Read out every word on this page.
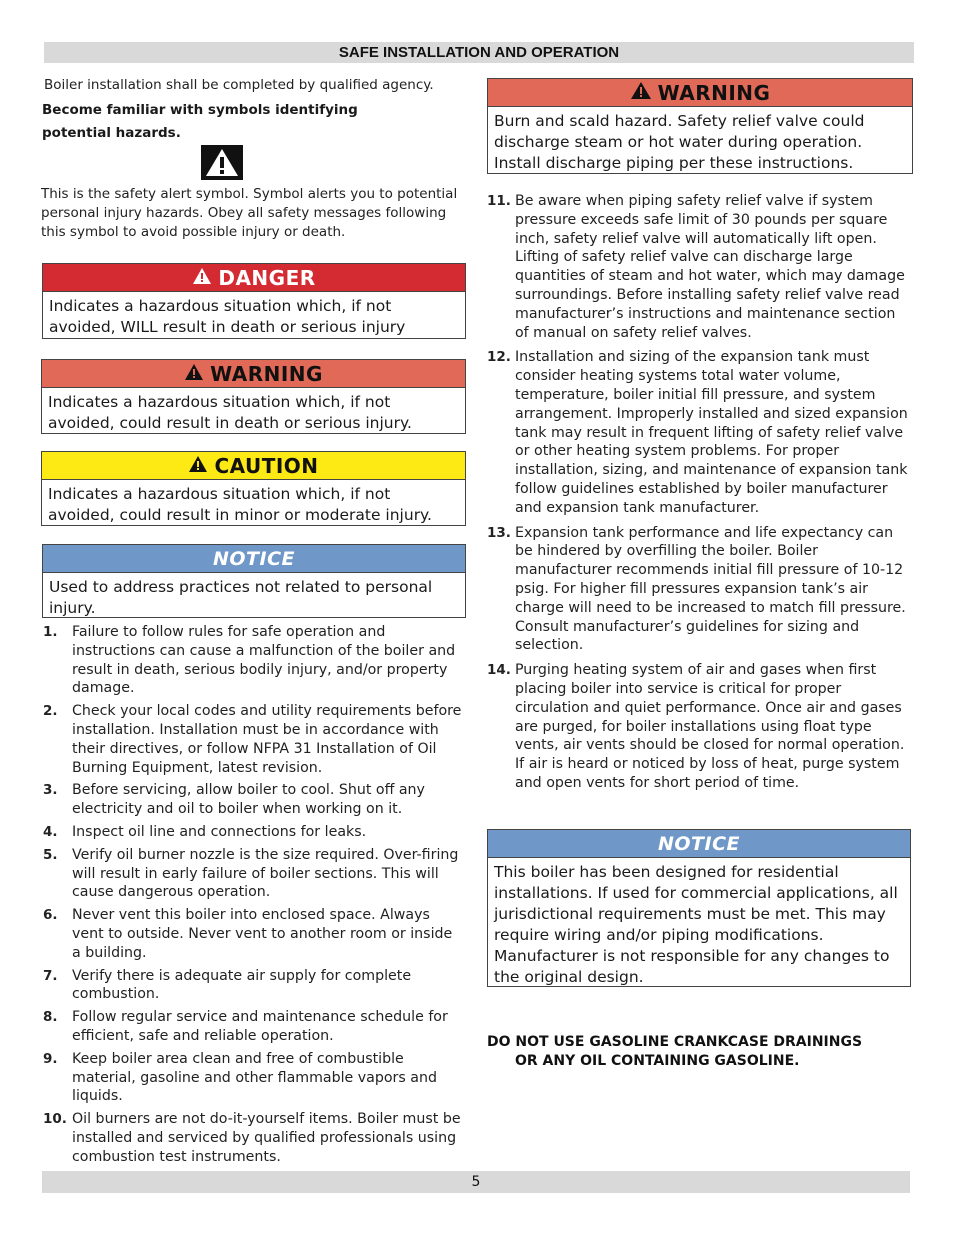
SAFE INSTALLATION AND OPERATION
Boiler installation shall be completed by qualified agency.
Become familiar with symbols identifying
potential hazards.
This is the safety alert symbol. Symbol alerts you to potential personal injury hazards. Obey all safety messages following this symbol to avoid possible injury or death.
DANGER
Indicates a hazardous situation which, if not avoided, WILL result in death or serious injury
WARNING
Indicates a hazardous situation which, if not avoided, could result in death or serious injury.
CAUTION
Indicates a hazardous situation which, if not avoided, could result in minor or moderate injury.
NOTICE
Used to address practices not related to personal injury.
1. Failure to follow rules for safe operation and instructions can cause a malfunction of the boiler and result in death, serious bodily injury, and/or property damage.
2. Check your local codes and utility requirements before installation. Installation must be in accordance with their directives, or follow NFPA 31 Installation of Oil Burning Equipment, latest revision.
3. Before servicing, allow boiler to cool. Shut off any electricity and oil to boiler when working on it.
4. Inspect oil line and connections for leaks.
5. Verify oil burner nozzle is the size required. Over-firing will result in early failure of boiler sections. This will cause dangerous operation.
6. Never vent this boiler into enclosed space. Always vent to outside. Never vent to another room or inside a building.
7. Verify there is adequate air supply for complete combustion.
8. Follow regular service and maintenance schedule for efficient, safe and reliable operation.
9. Keep boiler area clean and free of combustible material, gasoline and other flammable vapors and liquids.
10. Oil burners are not do-it-yourself items. Boiler must be installed and serviced by qualified professionals using combustion test instruments.
WARNING
Burn and scald hazard. Safety relief valve could discharge steam or hot water during operation. Install discharge piping per these instructions.
11. Be aware when piping safety relief valve if system pressure exceeds safe limit of 30 pounds per square inch, safety relief valve will automatically lift open. Lifting of safety relief valve can discharge large quantities of steam and hot water, which may damage surroundings. Before installing safety relief valve read manufacturer’s instructions and maintenance section of manual on safety relief valves.
12. Installation and sizing of the expansion tank must consider heating systems total water volume, temperature, boiler initial fill pressure, and system arrangement. Improperly installed and sized expansion tank may result in frequent lifting of safety relief valve or other heating system problems. For proper installation, sizing, and maintenance of expansion tank follow guidelines established by boiler manufacturer and expansion tank manufacturer.
13. Expansion tank performance and life expectancy can be hindered by overfilling the boiler. Boiler manufacturer recommends initial fill pressure of 10-12 psig. For higher fill pressures expansion tank’s air charge will need to be increased to match fill pressure. Consult manufacturer’s guidelines for sizing and selection.
14. Purging heating system of air and gases when first placing boiler into service is critical for proper circulation and quiet performance. Once air and gases are purged, for boiler installations using float type vents, air vents should be closed for normal operation. If air is heard or noticed by loss of heat, purge system and open vents for short period of time.
NOTICE
This boiler has been designed for residential installations. If used for commercial applications, all jurisdictional requirements must be met. This may require wiring and/or piping modifications. Manufacturer is not responsible for any changes to the original design.
DO NOT USE GASOLINE CRANKCASE DRAININGS
OR ANY OIL CONTAINING GASOLINE.
5
